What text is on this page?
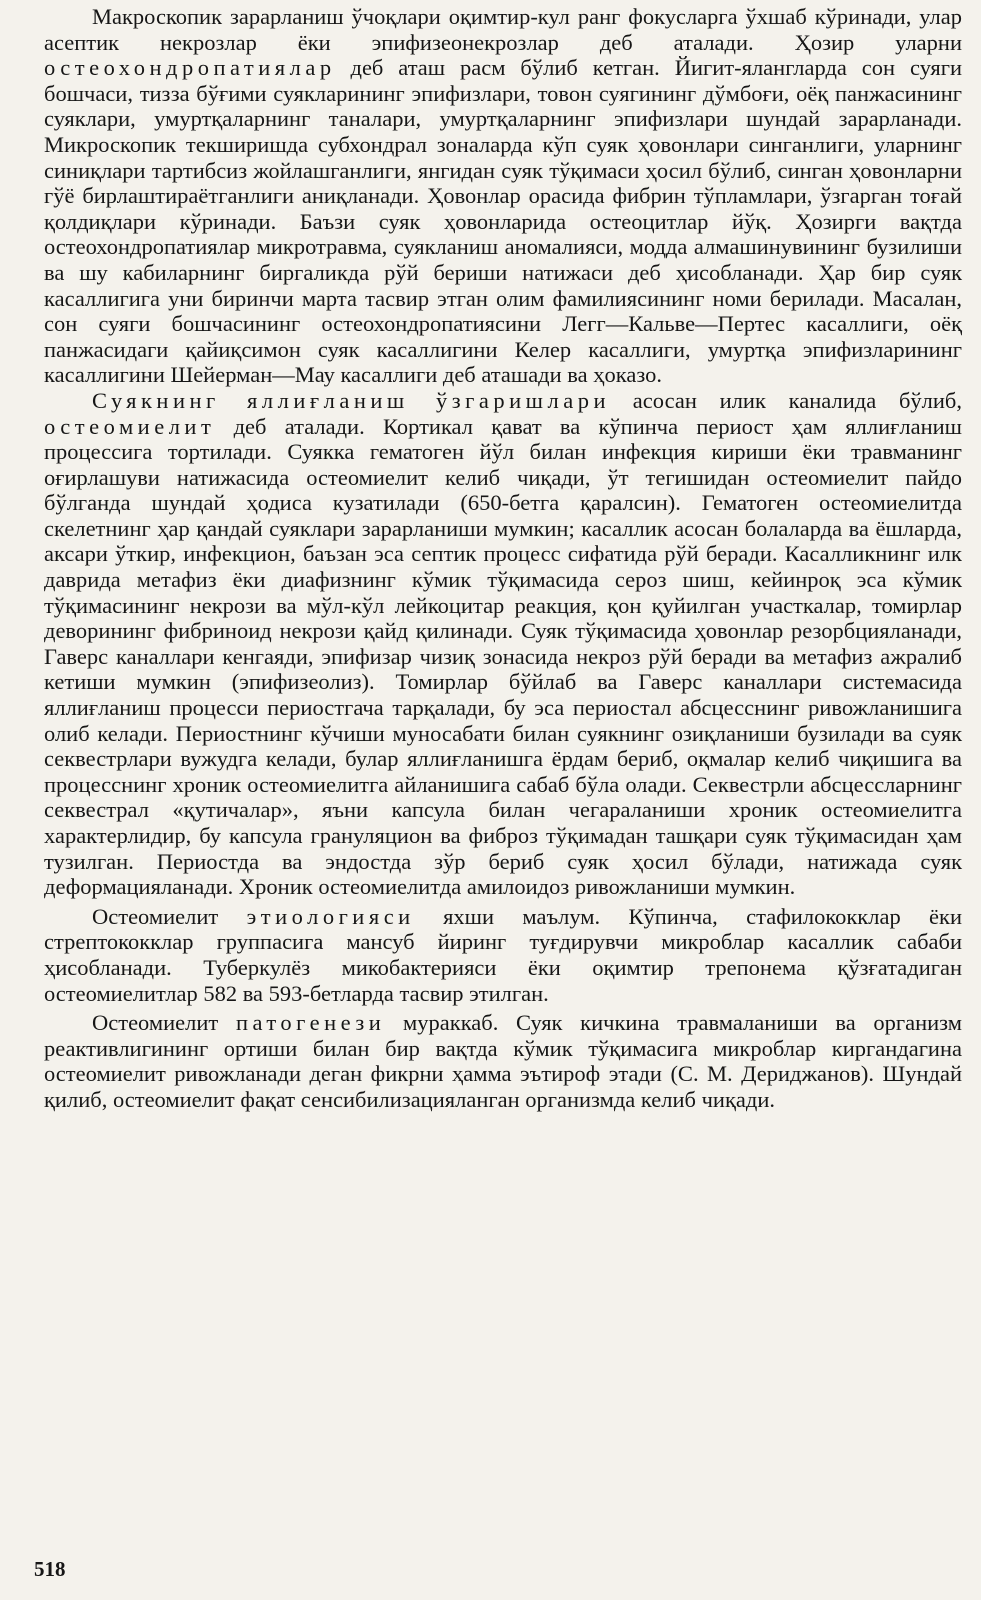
Макроскопик зарарланиш ўчоқлари оқимтир-кул ранг фокусларга ўхшаб кўринади, улар асептик некрозлар ёки эпифизеонекрозлар деб аталади. Ҳозир уларни остеохондропатиялар деб аташ расм бўлиб кетган. Йигит-ялангларда сон суяги бошчаси, тизза бўғими суякларининг эпифизлари, товон суягининг дўмбоғи, оёқ панжасининг суяклари, умуртқаларнинг таналари, умуртқаларнинг эпифизлари шундай зарарланади. Микроскопик текширишда субхондрал зоналарда кўп суяк ҳовонлари синганлиги, уларнинг синиқлари тартибсиз жойлашганлиги, янгидан суяк тўқимаси ҳосил бўлиб, синган ҳовонларни гўё бирлаштираётганлиги аниқланади. Ҳовонлар орасида фибрин тўпламлари, ўзгарган тоғай қолдиқлари кўринади. Баъзи суяк ҳовонларида остеоцитлар йўқ. Ҳозирги вақтда остеохондропатиялар микротравма, суякланиш аномалияси, модда алмашинувининг бузилиши ва шу кабиларнинг биргаликда рўй бериши натижаси деб ҳисобланади. Ҳар бир суяк касаллигига уни биринчи марта тасвир этган олим фамилиясининг номи берилади. Масалан, сон суяги бошчасининг остеохондропатиясини Легг—Кальве—Пертес касаллиги, оёқ панжасидаги қайиқсимон суяк касаллигини Келер касаллиги, умуртқа эпифизларининг касаллигини Шейерман—Мау касаллиги деб аташади ва ҳоказо.

Суякнинг яллиғланиш ўзгаришлари асосан илик каналида бўлиб, остеомиелит деб аталади. Кортикал қават ва кўпинча периост ҳам яллиғланиш процессига тортилади. Суякка гематоген йўл билан инфекция кириши ёки травманинг оғирлашуви натижасида остеомиелит келиб чиқади, ўт тегишидан остеомиелит пайдо бўлганда шундай ҳодиса кузатилади (650-бетга қаралсин). Гематоген остеомиелитда скелетнинг ҳар қандай суяклари зарарланиши мумкин; касаллик асосан болаларда ва ёшларда, аксари ўткир, инфекцион, баъзан эса септик процесс сифатида рўй беради. Касалликнинг илк даврида метафиз ёки диафизнинг кўмик тўқимасида сероз шиш, кейинроқ эса кўмик тўқимасининг некрози ва мўл-кўл лейкоцитар реакция, қон қуйилган участкалар, томирлар деворининг фибриноид некрози қайд қилинади. Суяк тўқимасида ҳовонлар резорбцияланади, Гаверс каналлари кенгаяди, эпифизар чизиқ зонасида некроз рўй беради ва метафиз ажралиб кетиши мумкин (эпифизеолиз). Томирлар бўйлаб ва Гаверс каналлари системасида яллиғланиш процесси периостгача тарқалади, бу эса периостал абсцесснинг ривожланишига олиб келади. Периостнинг кўчиши муносабати билан суякнинг озиқланиши бузилади ва суяк секвестрлари вужудга келади, булар яллиғланишга ёрдам бериб, оқмалар келиб чиқишига ва процесснинг хроник остеомиелитга айланишига сабаб бўла олади. Секвестрли абсцессларнинг секвестрал «қутичалар», яъни капсула билан чегараланиши хроник остеомиелитга характерлидир, бу капсула грануляцион ва фиброз тўқимадан ташқари суяк тўқимасидан ҳам тузилган. Периостда ва эндостда зўр бериб суяк ҳосил бўлади, натижада суяк деформацияланади. Хроник остеомиелитда амилоидоз ривожланиши мумкин.

Остеомиелит этиологияси яхши маълум. Кўпинча, стафилококклар ёки стрептококклар группасига мансуб йиринг туғдирувчи микроблар касаллик сабаби ҳисобланади. Туберкулёз микобактерияси ёки оқимтир трепонема қўзғатадиган остеомиелитлар 582 ва 593-бетларда тасвир этилган.

Остеомиелит патогенези мураккаб. Суяк кичкина травмаланиши ва организм реактивлигининг ортиши билан бир вақтда кўмик тўқимасига микроблар киргандагина остеомиелит ривожланади деган фикрни ҳамма эътироф этади (С. М. Дериджанов). Шундай қилиб, остеомиелит фақат сенсибилизацияланган организмда келиб чиқади.

518
